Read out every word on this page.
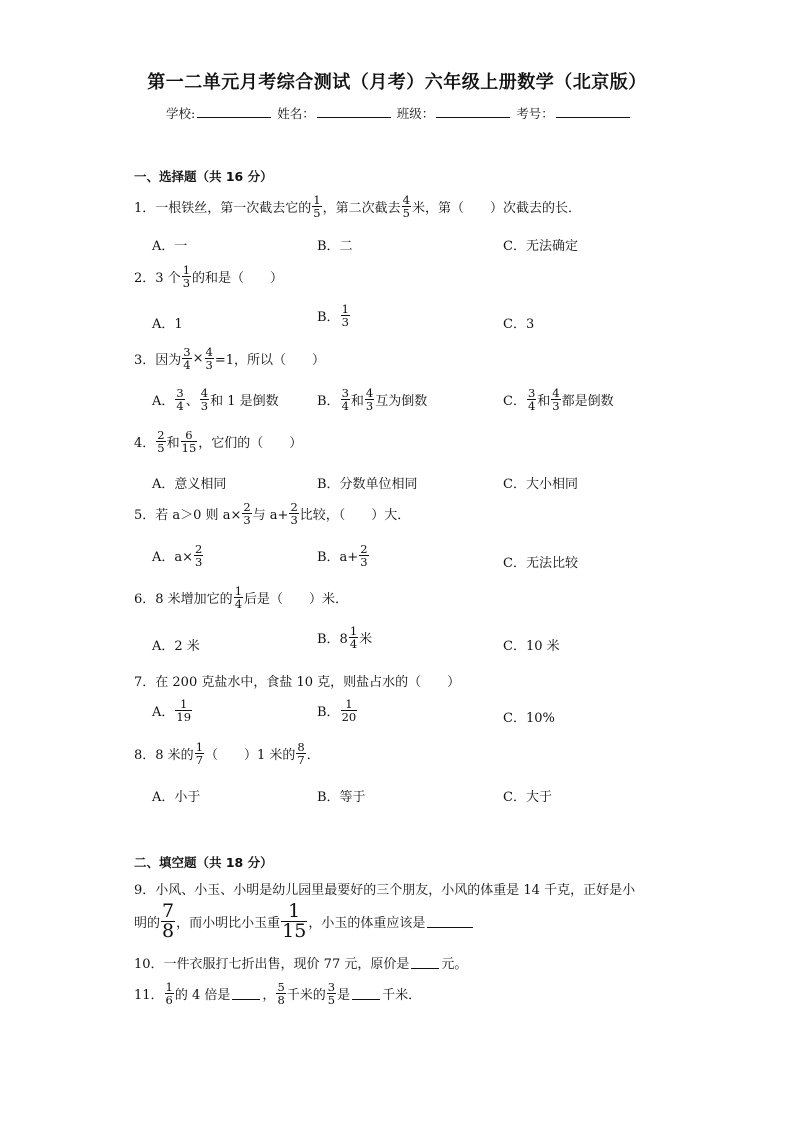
第一二单元月考综合测试（月考）六年级上册数学（北京版）
学校:	姓名：	班级：	考号：
一、选择题（共 16 分）
1．一根铁丝，第一次截去它的 $\frac{1}{5}$ ，第二次截去 $\frac{4}{5}$ 米，第（　　）次截去的长．
A．一	B．二	C．无法确定
2．3 个 $\frac{1}{3}$ 的和是（　　）
A．1	B． $\frac{1}{3}$	C．3
3．因为 $\frac{3}{4} \times \frac{4}{3} =1$，所以（　　）
A． $\frac{3}{4}$ 、 $\frac{4}{3}$ 和 1 是倒数	B． $\frac{3}{4}$ 和 $\frac{4}{3}$ 互为倒数	C． $\frac{3}{4}$ 和 $\frac{4}{3}$ 都是倒数
4． $\frac{2}{5}$ 和 $\frac{6}{15}$ ，它们的（　　）
A．意义相同	B．分数单位相同	C．大小相同
5．若 a＞0 则 $a\times \frac{2}{3}$ 与 $a+ \frac{2}{3}$ 比较，（　　）大．
A．$a\times \frac{2}{3}$	B．$a+ \frac{2}{3}$	C．无法比较
6．8 米增加它的 $\frac{1}{4}$ 后是（　　）米．
A．2 米	B．$8 \frac{1}{4}$ 米	C．10 米
7．在 200 克盐水中，食盐 10 克，则盐占水的（　　）
A． $\frac{1}{19}$	B． $\frac{1}{20}$	C．10%
8．8 米的 $\frac{1}{7}$ （　　）1 米的 $\frac{8}{7}$ ．
A．小于	B．等于	C．大于
二、填空题（共 18 分）
9．小风、小玉、小明是幼儿园里最要好的三个朋友，小风的体重是 14 千克，正好是小
明的 $\frac{7}{8}$ ，而小明比小玉重 $\frac{1}{15}$ ，小玉的体重应该是
10．一件衣服打七折出售，现价 77 元，原价是 元。
11． $\frac{1}{6}$ 的 4 倍是 ， $\frac{5}{8}$ 千米的 $\frac{3}{5}$ 是 千米．
